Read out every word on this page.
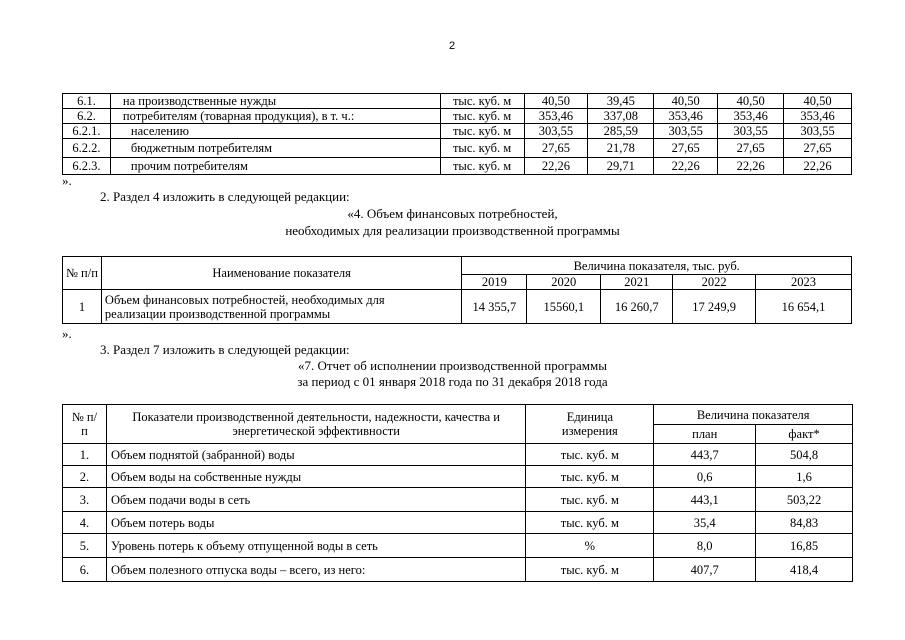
2
6.1.	на производственные нужды	тыс. куб. м	40,50	39,45	40,50	40,50	40,50
6.2.	потребителям (товарная продукция), в т. ч.:	тыс. куб. м	353,46	337,08	353,46	353,46	353,46
6.2.1.	населению	тыс. куб. м	303,55	285,59	303,55	303,55	303,55
6.2.2.	бюджетным потребителям	тыс. куб. м	27,65	21,78	27,65	27,65	27,65
6.2.3.	прочим потребителям	тыс. куб. м	22,26	29,71	22,26	22,26	22,26
».
2. Раздел 4 изложить в следующей редакции:
«4. Объем финансовых потребностей,
необходимых для реализации производственной программы
№ п/п	Наименование показателя	Величина показателя, тыс. руб.				
		2019	2020	2021	2022	2023
1	Объем финансовых потребностей, необходимых для реализации производственной программы	14 355,7	15560,1	16 260,7	17 249,9	16 654,1
».
3. Раздел 7 изложить в следующей редакции:
«7. Отчет об исполнении производственной программы
за период с 01 января 2018 года по 31 декабря 2018 года
№ п/п	Показатели производственной деятельности, надежности, качества и энергетической эффективности	Единица измерения	Величина показателя	
			план	факт*
1.	Объем поднятой (забранной) воды	тыс. куб. м	443,7	504,8
2.	Объем воды на собственные нужды	тыс. куб. м	0,6	1,6
3.	Объем подачи воды в сеть	тыс. куб. м	443,1	503,22
4.	Объем потерь воды	тыс. куб. м	35,4	84,83
5.	Уровень потерь к объему отпущенной воды в сеть	%	8,0	16,85
6.	Объем полезного отпуска воды – всего, из него:	тыс. куб. м	407,7	418,4
